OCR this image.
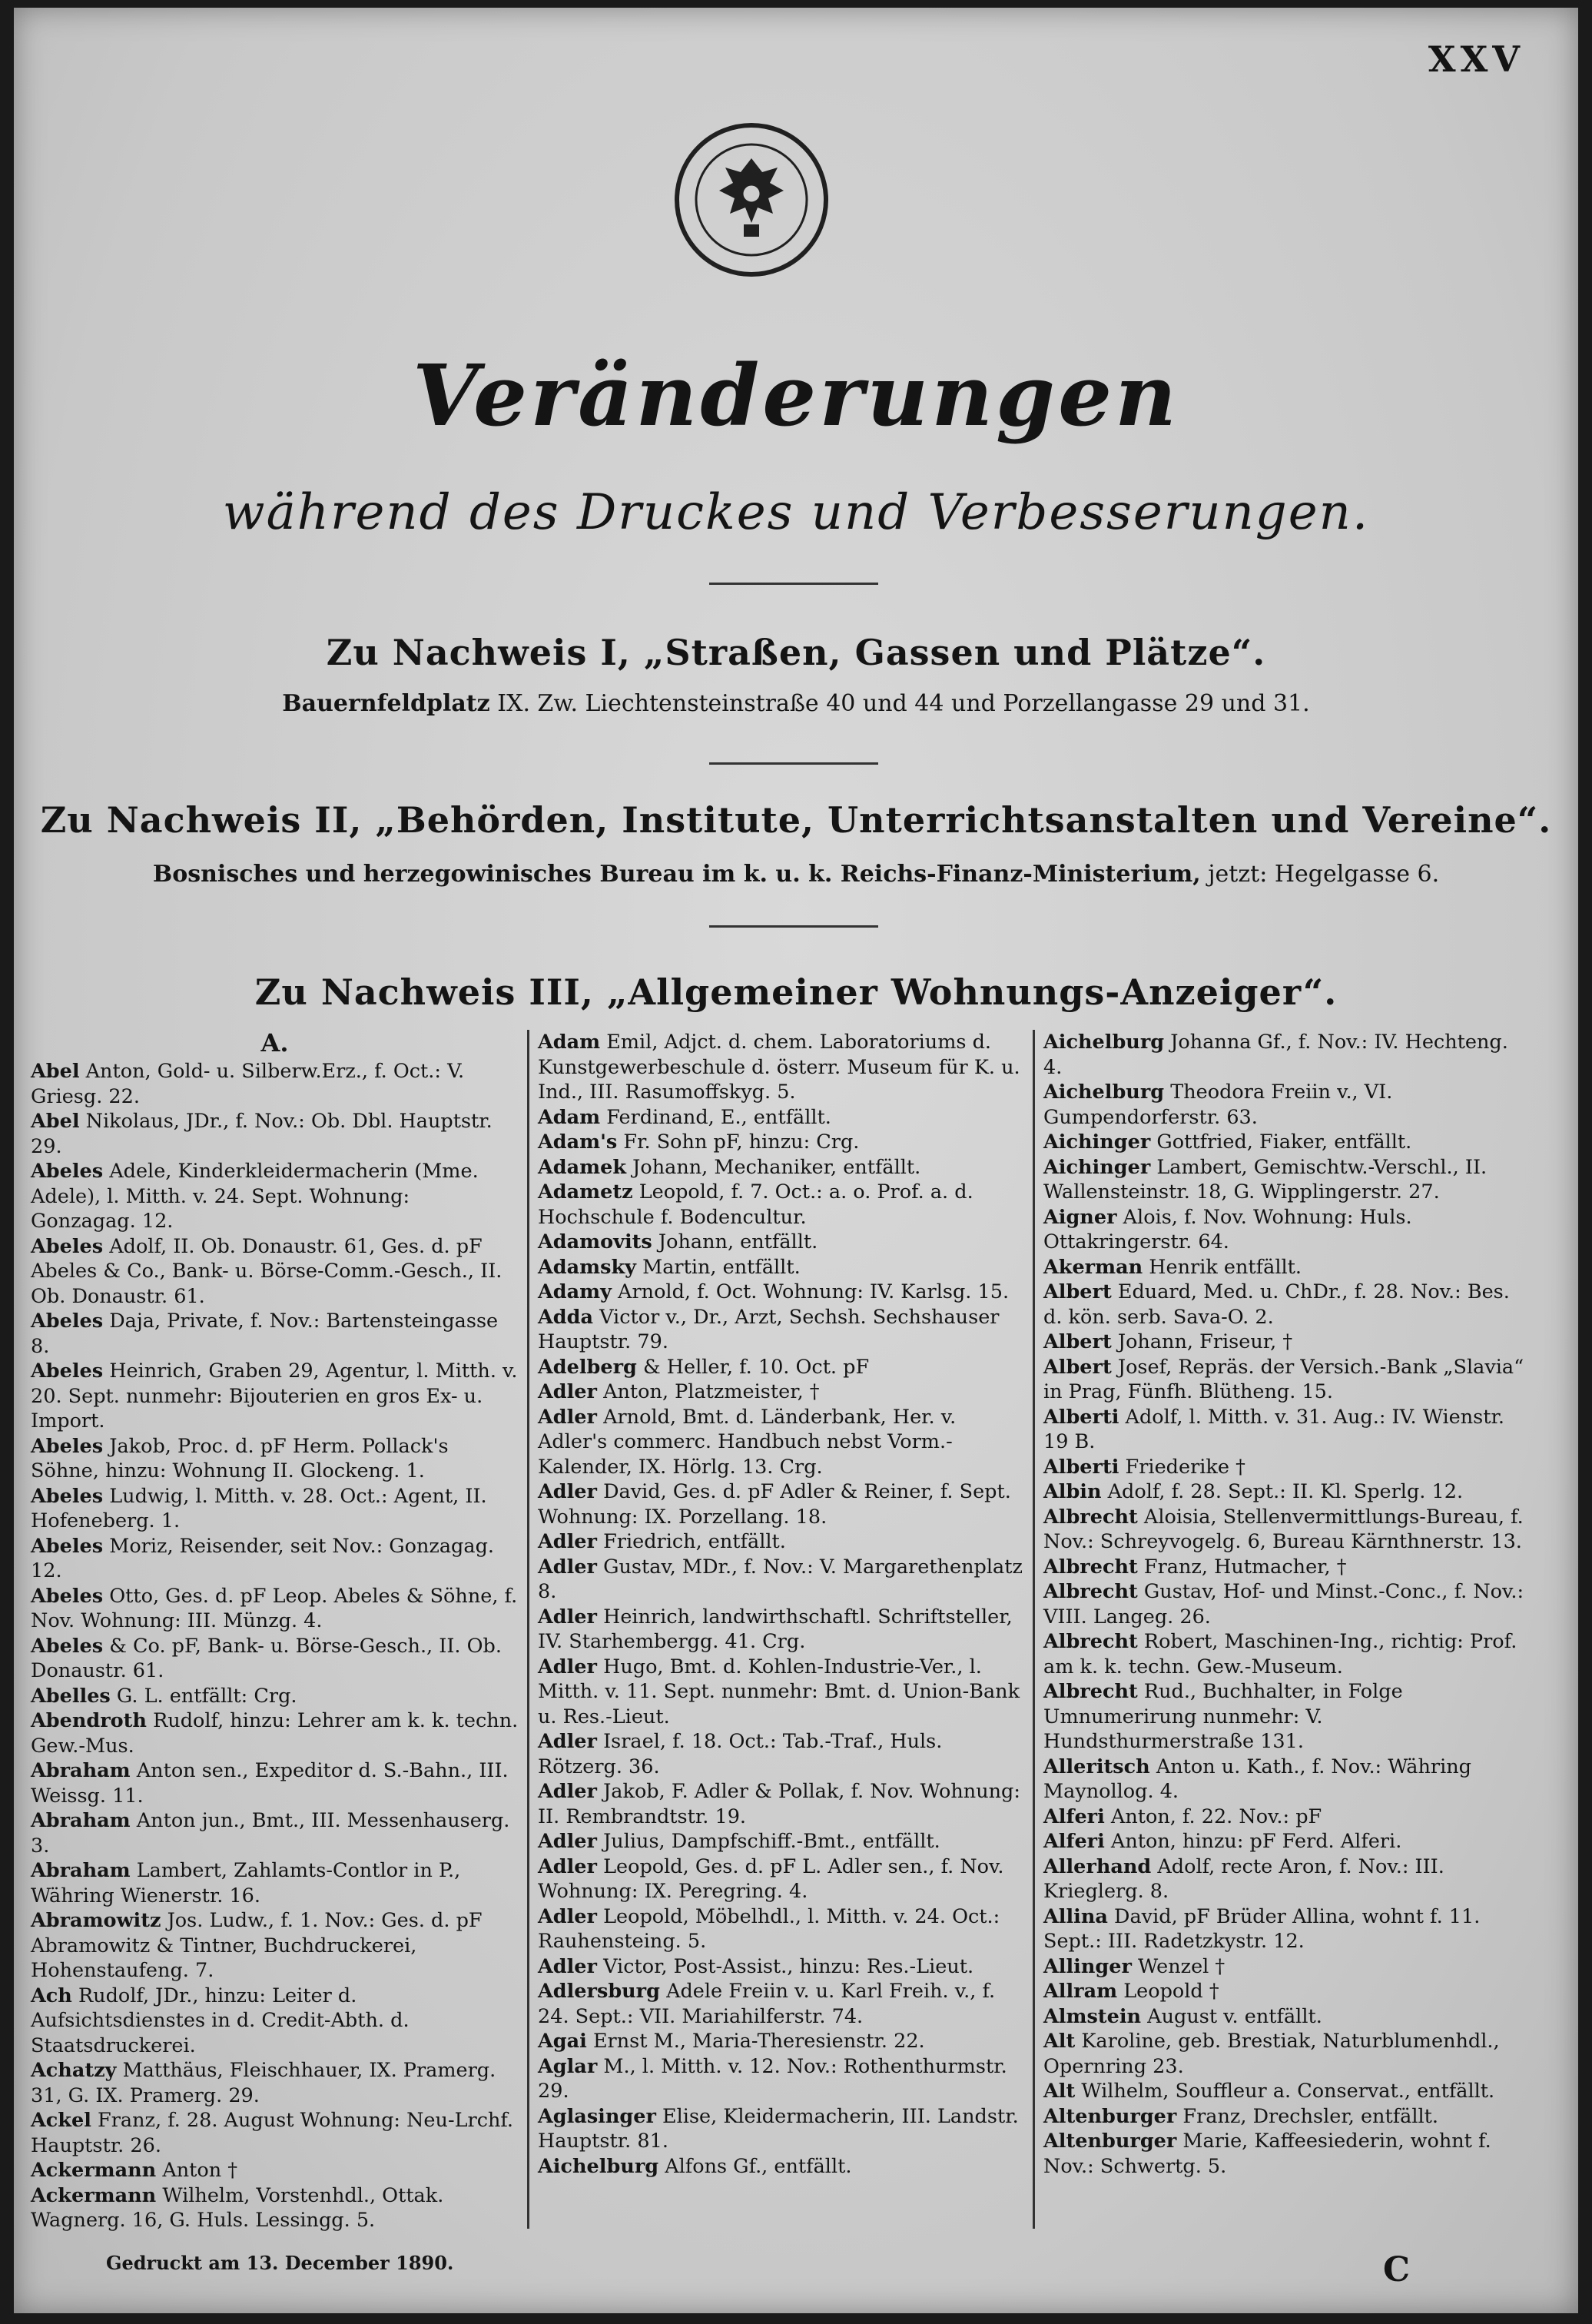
XXV
Veränderungen
während des Druckes und Verbesserungen.
Zu Nachweis I, „Straßen, Gassen und Plätze“.
Bauernfeldplatz IX. Zw. Liechtensteinstraße 40 und 44 und Porzellangasse 29 und 31.
Zu Nachweis II, „Behörden, Institute, Unterrichtsanstalten und Vereine“.
Bosnisches und herzegowinisches Bureau im k. u. k. Reichs-Finanz-Ministerium, jetzt: Hegelgasse 6.
Zu Nachweis III, „Allgemeiner Wohnungs-Anzeiger“.
A.
Abel Anton, Gold- u. Silberw.Erz., f. Oct.: V. Griesg. 22.
Abel Nikolaus, JDr., f. Nov.: Ob. Dbl. Hauptstr. 29.
Abeles Adele, Kinderkleidermacherin (Mme. Adele), l. Mitth. v. 24. Sept. Wohnung: Gonzagag. 12.
Abeles Adolf, II. Ob. Donaustr. 61, Ges. d. pF Abeles & Co., Bank- u. Börse-Comm.-Gesch., II. Ob. Donaustr. 61.
Abeles Daja, Private, f. Nov.: Bartensteingasse 8.
Abeles Heinrich, Graben 29, Agentur, l. Mitth. v. 20. Sept. nunmehr: Bijouterien en gros Ex- u. Import.
Abeles Jakob, Proc. d. pF Herm. Pollack's Söhne, hinzu: Wohnung II. Glockeng. 1.
Abeles Ludwig, l. Mitth. v. 28. Oct.: Agent, II. Hofeneberg. 1.
Abeles Moriz, Reisender, seit Nov.: Gonzagag. 12.
Abeles Otto, Ges. d. pF Leop. Abeles & Söhne, f. Nov. Wohnung: III. Münzg. 4.
Abeles & Co. pF, Bank- u. Börse-Gesch., II. Ob. Donaustr. 61.
Abelles G. L. entfällt: Crg.
Abendroth Rudolf, hinzu: Lehrer am k. k. techn. Gew.-Mus.
Abraham Anton sen., Expeditor d. S.-Bahn., III. Weissg. 11.
Abraham Anton jun., Bmt., III. Messenhauserg. 3.
Abraham Lambert, Zahlamts-Contlor in P., Währing Wienerstr. 16.
Abramowitz Jos. Ludw., f. 1. Nov.: Ges. d. pF Abramowitz & Tintner, Buchdruckerei, Hohenstaufeng. 7.
Ach Rudolf, JDr., hinzu: Leiter d. Aufsichtsdienstes in d. Credit-Abth. d. Staatsdruckerei.
Achatzy Matthäus, Fleischhauer, IX. Pramerg. 31, G. IX. Pramerg. 29.
Ackel Franz, f. 28. August Wohnung: Neu-Lrchf. Hauptstr. 26.
Ackermann Anton †
Ackermann Wilhelm, Vorstenhdl., Ottak. Wagnerg. 16, G. Huls. Lessingg. 5.
Adam Emil, Adjct. d. chem. Laboratoriums d. Kunstgewerbeschule d. österr. Museum für K. u. Ind., III. Rasumoffskyg. 5.
Adam Ferdinand, E., entfällt.
Adam's Fr. Sohn pF, hinzu: Crg.
Adamek Johann, Mechaniker, entfällt.
Adametz Leopold, f. 7. Oct.: a. o. Prof. a. d. Hochschule f. Bodencultur.
Adamovits Johann, entfällt.
Adamsky Martin, entfällt.
Adamy Arnold, f. Oct. Wohnung: IV. Karlsg. 15.
Adda Victor v., Dr., Arzt, Sechsh. Sechshauser Hauptstr. 79.
Adelberg & Heller, f. 10. Oct. pF
Adler Anton, Platzmeister, †
Adler Arnold, Bmt. d. Länderbank, Her. v. Adler's commerc. Handbuch nebst Vorm.-Kalender, IX. Hörlg. 13. Crg.
Adler David, Ges. d. pF Adler & Reiner, f. Sept. Wohnung: IX. Porzellang. 18.
Adler Friedrich, entfällt.
Adler Gustav, MDr., f. Nov.: V. Margarethenplatz 8.
Adler Heinrich, landwirthschaftl. Schriftsteller, IV. Starhembergg. 41. Crg.
Adler Hugo, Bmt. d. Kohlen-Industrie-Ver., l. Mitth. v. 11. Sept. nunmehr: Bmt. d. Union-Bank u. Res.-Lieut.
Adler Israel, f. 18. Oct.: Tab.-Traf., Huls. Rötzerg. 36.
Adler Jakob, F. Adler & Pollak, f. Nov. Wohnung: II. Rembrandtstr. 19.
Adler Julius, Dampfschiff.-Bmt., entfällt.
Adler Leopold, Ges. d. pF L. Adler sen., f. Nov. Wohnung: IX. Peregring. 4.
Adler Leopold, Möbelhdl., l. Mitth. v. 24. Oct.: Rauhensteing. 5.
Adler Victor, Post-Assist., hinzu: Res.-Lieut.
Adlersburg Adele Freiin v. u. Karl Freih. v., f. 24. Sept.: VII. Mariahilferstr. 74.
Agai Ernst M., Maria-Theresienstr. 22.
Aglar M., l. Mitth. v. 12. Nov.: Rothenthurmstr. 29.
Aglasinger Elise, Kleidermacherin, III. Landstr. Hauptstr. 81.
Aichelburg Alfons Gf., entfällt.
Aichelburg Johanna Gf., f. Nov.: IV. Hechteng. 4.
Aichelburg Theodora Freiin v., VI. Gumpendorferstr. 63.
Aichinger Gottfried, Fiaker, entfällt.
Aichinger Lambert, Gemischtw.-Verschl., II. Wallensteinstr. 18, G. Wipplingerstr. 27.
Aigner Alois, f. Nov. Wohnung: Huls. Ottakringerstr. 64.
Akerman Henrik entfällt.
Albert Eduard, Med. u. ChDr., f. 28. Nov.: Bes. d. kön. serb. Sava-O. 2.
Albert Johann, Friseur, †
Albert Josef, Repräs. der Versich.-Bank „Slavia“ in Prag, Fünfh. Blütheng. 15.
Alberti Adolf, l. Mitth. v. 31. Aug.: IV. Wienstr. 19 B.
Alberti Friederike †
Albin Adolf, f. 28. Sept.: II. Kl. Sperlg. 12.
Albrecht Aloisia, Stellenvermittlungs-Bureau, f. Nov.: Schreyvogelg. 6, Bureau Kärnthnerstr. 13.
Albrecht Franz, Hutmacher, †
Albrecht Gustav, Hof- und Minst.-Conc., f. Nov.: VIII. Langeg. 26.
Albrecht Robert, Maschinen-Ing., richtig: Prof. am k. k. techn. Gew.-Museum.
Albrecht Rud., Buchhalter, in Folge Umnumerirung nunmehr: V. Hundsthurmerstraße 131.
Alleritsch Anton u. Kath., f. Nov.: Währing Maynollog. 4.
Alferi Anton, f. 22. Nov.: pF
Alferi Anton, hinzu: pF Ferd. Alferi.
Allerhand Adolf, recte Aron, f. Nov.: III. Krieglerg. 8.
Allina David, pF Brüder Allina, wohnt f. 11. Sept.: III. Radetzkystr. 12.
Allinger Wenzel †
Allram Leopold †
Almstein August v. entfällt.
Alt Karoline, geb. Brestiak, Naturblumenhdl., Opernring 23.
Alt Wilhelm, Souffleur a. Conservat., entfällt.
Altenburger Franz, Drechsler, entfällt.
Altenburger Marie, Kaffeesiederin, wohnt f. Nov.: Schwertg. 5.
Gedruckt am 13. December 1890.	C
